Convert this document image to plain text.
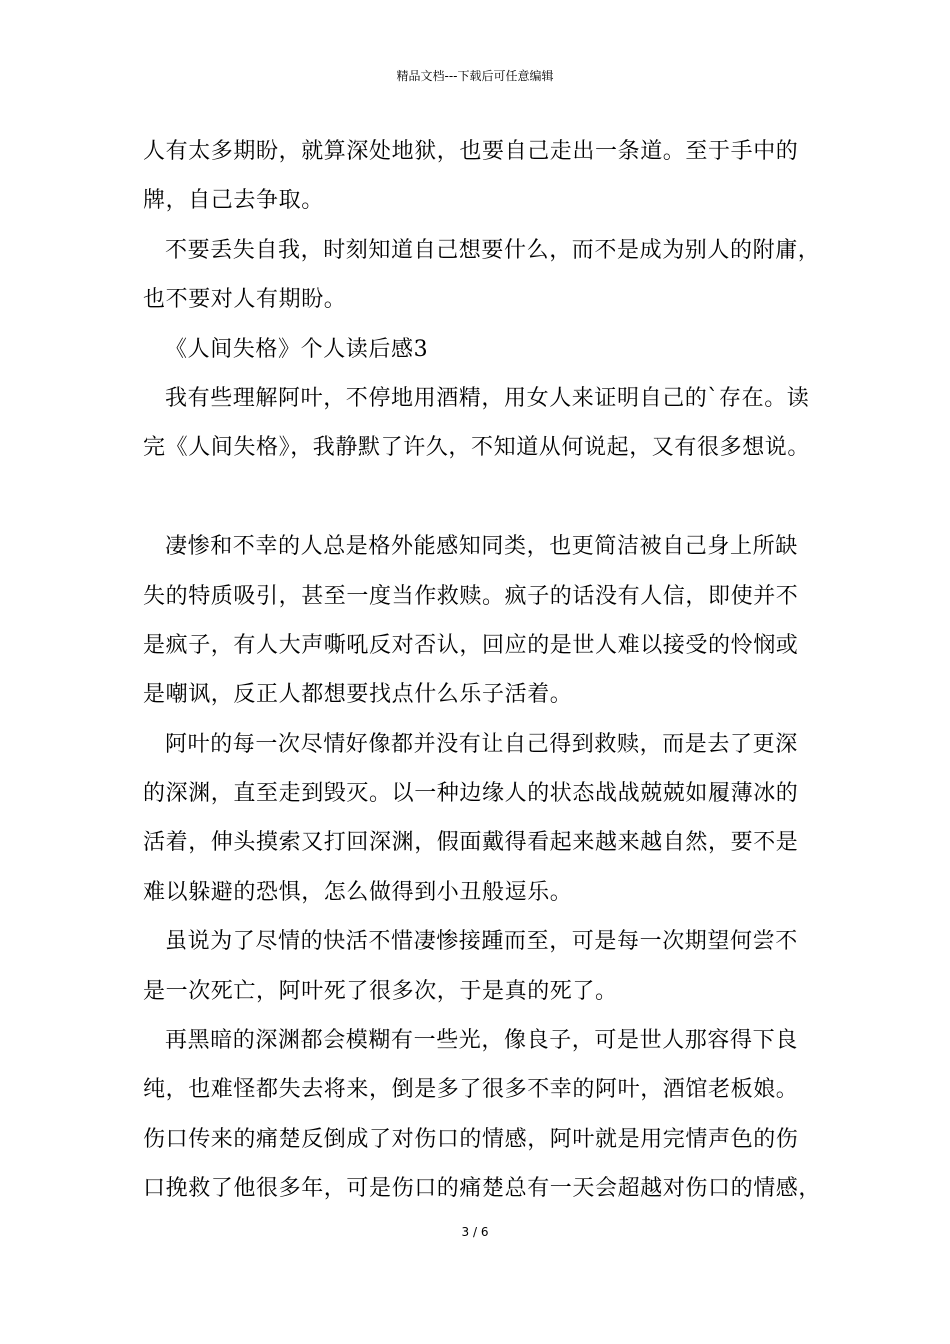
精品文档---下载后可任意编辑
人有太多期盼，就算深处地狱，也要自己走出一条道。至于手中的
牌，自己去争取。
不要丢失自我，时刻知道自己想要什么，而不是成为别人的附庸，
也不要对人有期盼。
《人间失格》个人读后感3
我有些理解阿叶，不停地用酒精，用女人来证明自己的`存在。读
完《人间失格》，我静默了许久，不知道从何说起，又有很多想说。
凄惨和不幸的人总是格外能感知同类，也更简洁被自己身上所缺
失的特质吸引，甚至一度当作救赎。疯子的话没有人信，即使并不
是疯子，有人大声嘶吼反对否认，回应的是世人难以接受的怜悯或
是嘲讽，反正人都想要找点什么乐子活着。
阿叶的每一次尽情好像都并没有让自己得到救赎，而是去了更深
的深渊，直至走到毁灭。以一种边缘人的状态战战兢兢如履薄冰的
活着，伸头摸索又打回深渊，假面戴得看起来越来越自然，要不是
难以躲避的恐惧，怎么做得到小丑般逗乐。
虽说为了尽情的快活不惜凄惨接踵而至，可是每一次期望何尝不
是一次死亡，阿叶死了很多次，于是真的死了。
再黑暗的深渊都会模糊有一些光，像良子，可是世人那容得下良
纯，也难怪都失去将来，倒是多了很多不幸的阿叶，酒馆老板娘。
伤口传来的痛楚反倒成了对伤口的情感，阿叶就是用完情声色的伤
口挽救了他很多年，可是伤口的痛楚总有一天会超越对伤口的情感，
3 / 6
